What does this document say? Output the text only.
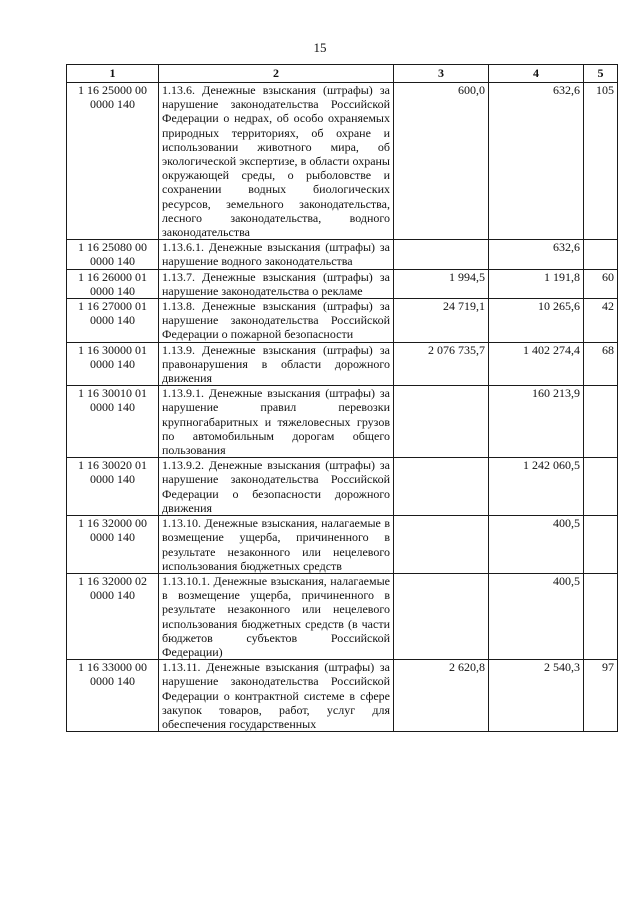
15
1	2	3	4	5
1 16 25000 00 0000 140	1.13.6. Денежные взыскания (штрафы) за нарушение законодательства Российской Федерации о недрах, об особо охраняемых природных территориях, об охране и использовании животного мира, об экологической экспертизе, в области охраны окружающей среды, о рыболовстве и сохранении водных биологических ресурсов, земельного законодательства, лесного законодательства, водного законодательства	600,0	632,6	105
1 16 25080 00 0000 140	1.13.6.1. Денежные взыскания (штрафы) за нарушение водного законодательства		632,6	
1 16 26000 01 0000 140	1.13.7. Денежные взыскания (штрафы) за нарушение законодательства о рекламе	1 994,5	1 191,8	60
1 16 27000 01 0000 140	1.13.8. Денежные взыскания (штрафы) за нарушение законодательства Российской Федерации о пожарной безопасности	24 719,1	10 265,6	42
1 16 30000 01 0000 140	1.13.9. Денежные взыскания (штрафы) за правонарушения в области дорожного движения	2 076 735,7	1 402 274,4	68
1 16 30010 01 0000 140	1.13.9.1. Денежные взыскания (штрафы) за нарушение правил перевозки крупногабаритных и тяжеловесных грузов по автомобильным дорогам общего пользования		160 213,9	
1 16 30020 01 0000 140	1.13.9.2. Денежные взыскания (штрафы) за нарушение законодательства Российской Федерации о безопасности дорожного движения		1 242 060,5	
1 16 32000 00 0000 140	1.13.10. Денежные взыскания, налагаемые в возмещение ущерба, причиненного в результате незаконного или нецелевого использования бюджетных средств		400,5	
1 16 32000 02 0000 140	1.13.10.1. Денежные взыскания, налагаемые в возмещение ущерба, причиненного в результате незаконного или нецелевого использования бюджетных средств (в части бюджетов субъектов Российской Федерации)		400,5	
1 16 33000 00 0000 140	1.13.11. Денежные взыскания (штрафы) за нарушение законодательства Российской Федерации о контрактной системе в сфере закупок товаров, работ, услуг для обеспечения государственных	2 620,8	2 540,3	97
